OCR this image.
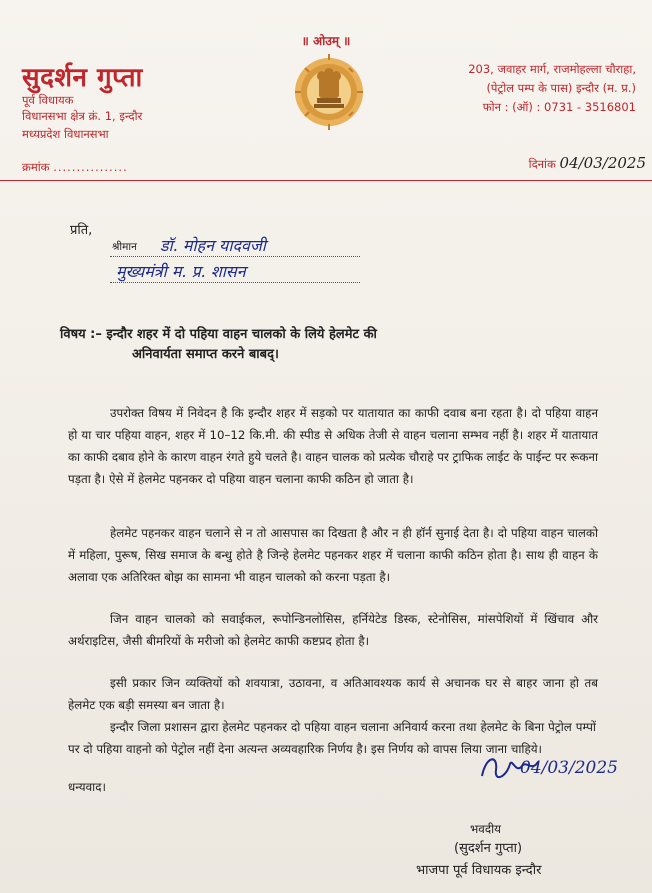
॥ ओउम् ॥
सुदर्शन गुप्ता
पूर्व विधायक
विधानसभा क्षेत्र क्रं. 1, इन्दौर
मध्यप्रदेश विधानसभा
203, जवाहर मार्ग, राजमोहल्ला चौराहा,
(पेट्रोल पम्प के पास) इन्दौर (म. प्र.)
फोन : (ऑ) : 0731 - 3516801
क्रमांक ................	दिनांक 04/03/2025
प्रति,
श्रीमान डॉ. मोहन यादवजी
मुख्यमंत्री म. प्र. शासन
विषय :– इन्दौर शहर में दो पहिया वाहन चालको के लिये हेलमेट की
अनिवार्यता समाप्त करने बाबद्।
उपरोक्त विषय में निवेदन है कि इन्दौर शहर में सड़को पर यातायात का काफी दवाब बना रहता है। दो पहिया वाहन हो या चार पहिया वाहन, शहर में 10–12 कि.मी. की स्पीड से अधिक तेजी से वाहन चलाना सम्भव नहीं है। शहर में यातायात का काफी दबाव होने के कारण वाहन रंगते हुये चलते है। वाहन चालक को प्रत्येक चौराहे पर ट्राफिक लाईट के पाईन्ट पर रूकना पड़ता है। ऐसे में हेलमेट पहनकर दो पहिया वाहन चलाना काफी कठिन हो जाता है।
हेलमेट पहनकर वाहन चलाने से न तो आसपास का दिखता है और न ही हॉर्न सुनाई देता है। दो पहिया वाहन चालको में महिला, पुरूष, सिख समाज के बन्धु होते है जिन्हे हेलमेट पहनकर शहर में चलाना काफी कठिन होता है। साथ ही वाहन के अलावा एक अतिरिक्त बोझ का सामना भी वाहन चालको को करना पड़ता है।
जिन वाहन चालको को सवाईकल, रूपोन्डिनलोसिस, हर्नियेटेड डिस्क, स्टेनोसिस, मांसपेशियों में खिंचाव और अर्थराइटिस, जैसी बीमरियों के मरीजो को हेलमेट काफी कष्टप्रद होता है।
इसी प्रकार जिन व्यक्तियों को शवयात्रा, उठावना, व अतिआवश्यक कार्य से अचानक घर से बाहर जाना हो तब हेलमेट एक बड़ी समस्या बन जाता है।
इन्दौर जिला प्रशासन द्वारा हेलमेट पहनकर दो पहिया वाहन चलाना अनिवार्य करना तथा हेलमेट के बिना पेट्रोल पम्पों पर दो पहिया वाहनो को पेट्रोल नहीं देना अत्यन्त अव्यवहारिक निर्णय है। इस निर्णय को वापस लिया जाना चाहिये।
धन्यवाद।
04/03/2025
भवदीय
(सुदर्शन गुप्ता)
भाजपा पूर्व विधायक इन्दौर
